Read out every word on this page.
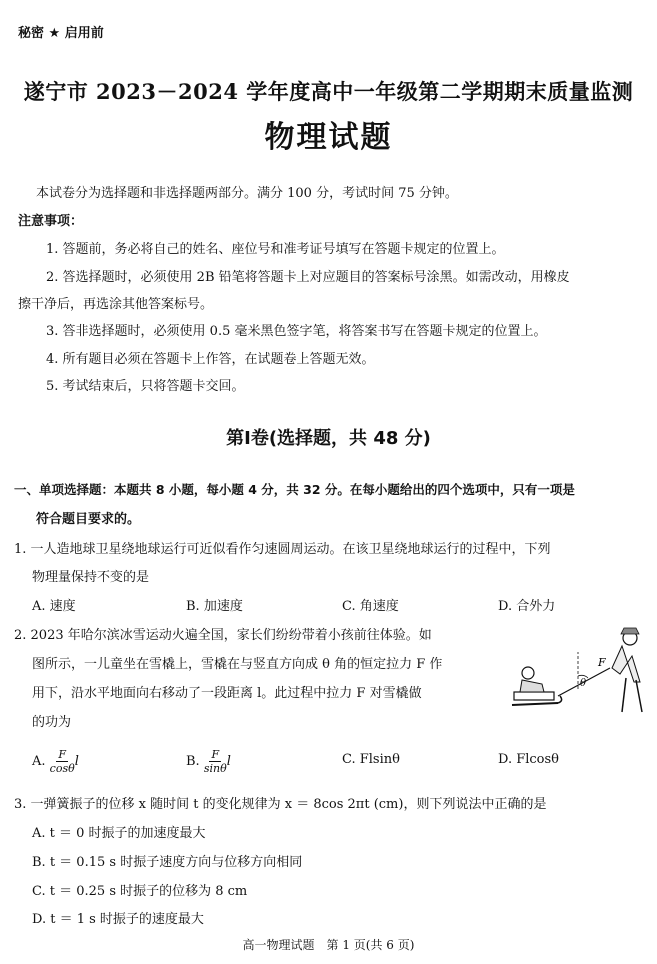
秘密 ★ 启用前
遂宁市 2023－2024 学年度高中一年级第二学期期末质量监测
物理试题
本试卷分为选择题和非选择题两部分。满分 100 分，考试时间 75 分钟。
注意事项：
1. 答题前，务必将自己的姓名、座位号和准考证号填写在答题卡规定的位置上。
2. 答选择题时，必须使用 2B 铅笔将答题卡上对应题目的答案标号涂黑。如需改动，用橡皮
擦干净后，再选涂其他答案标号。
3. 答非选择题时，必须使用 0.5 毫米黑色签字笔，将答案书写在答题卡规定的位置上。
4. 所有题目必须在答题卡上作答，在试题卷上答题无效。
5. 考试结束后，只将答题卡交回。
第Ⅰ卷(选择题，共 48 分)
一、单项选择题：本题共 8 小题，每小题 4 分，共 32 分。在每小题给出的四个选项中，只有一项是
符合题目要求的。
1. 一人造地球卫星绕地球运行可近似看作匀速圆周运动。在该卫星绕地球运行的过程中，下列
物理量保持不变的是
A. 速度	B. 加速度	C. 角速度	D. 合外力
2. 2023 年哈尔滨冰雪运动火遍全国，家长们纷纷带着小孩前往体验。如
图所示，一儿童坐在雪橇上，雪橇在与竖直方向成 θ 角的恒定拉力 F 作
用下，沿水平地面向右移动了一段距离 l。此过程中拉力 F 对雪橇做
的功为
θ
F
A. $\frac{F}{\cos\theta}$ l	B. $\frac{F}{\sin\theta}$ l	C. Flsinθ	D. Flcosθ
3. 一弹簧振子的位移 x 随时间 t 的变化规律为 x ＝ 8cos 2πt (cm)，则下列说法中正确的是
A. t ＝ 0 时振子的加速度最大
B. t ＝ 0.15 s 时振子速度方向与位移方向相同
C. t ＝ 0.25 s 时振子的位移为 8 cm
D. t ＝ 1 s 时振子的速度最大
高一物理试题　第 1 页(共 6 页)
